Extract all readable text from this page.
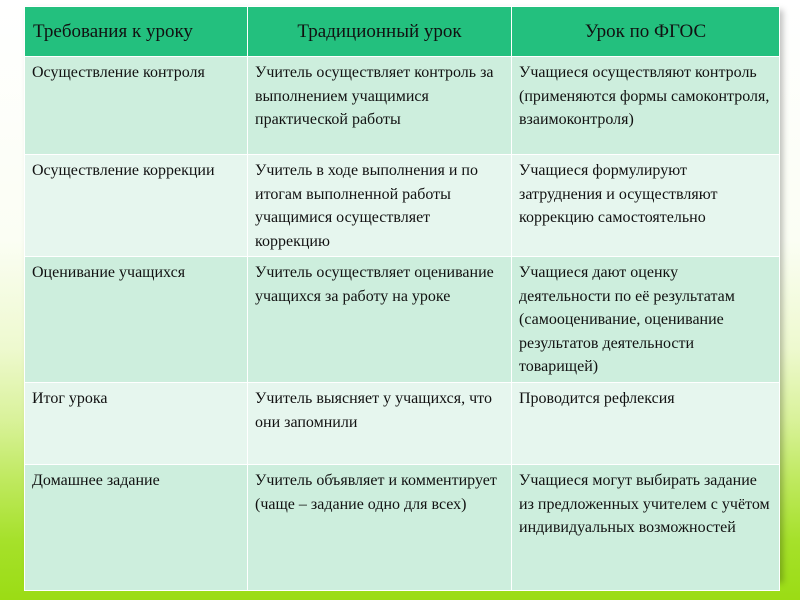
Требования к уроку	Традиционный урок	Урок по ФГОС

Осуществление контроля	Учитель осуществляет контроль за выполнением учащимися практической работы	Учащиеся осуществляют контроль (применяются формы самоконтроля, взаимоконтроля)

Осуществление коррекции	Учитель в ходе выполнения и по итогам выполненной работы учащимися осуществляет коррекцию	Учащиеся формулируют затруднения и осуществляют коррекцию самостоятельно

Оценивание учащихся	Учитель осуществляет оценивание учащихся за работу на уроке	Учащиеся дают оценку деятельности по её результатам (самооценивание, оценивание результатов деятельности товарищей)

Итог урока	Учитель выясняет у учащихся, что они запомнили	Проводится рефлексия

Домашнее задание	Учитель объявляет и комментирует (чаще – задание одно для всех)	Учащиеся могут выбирать задание из предложенных учителем с учётом индивидуальных возможностей
